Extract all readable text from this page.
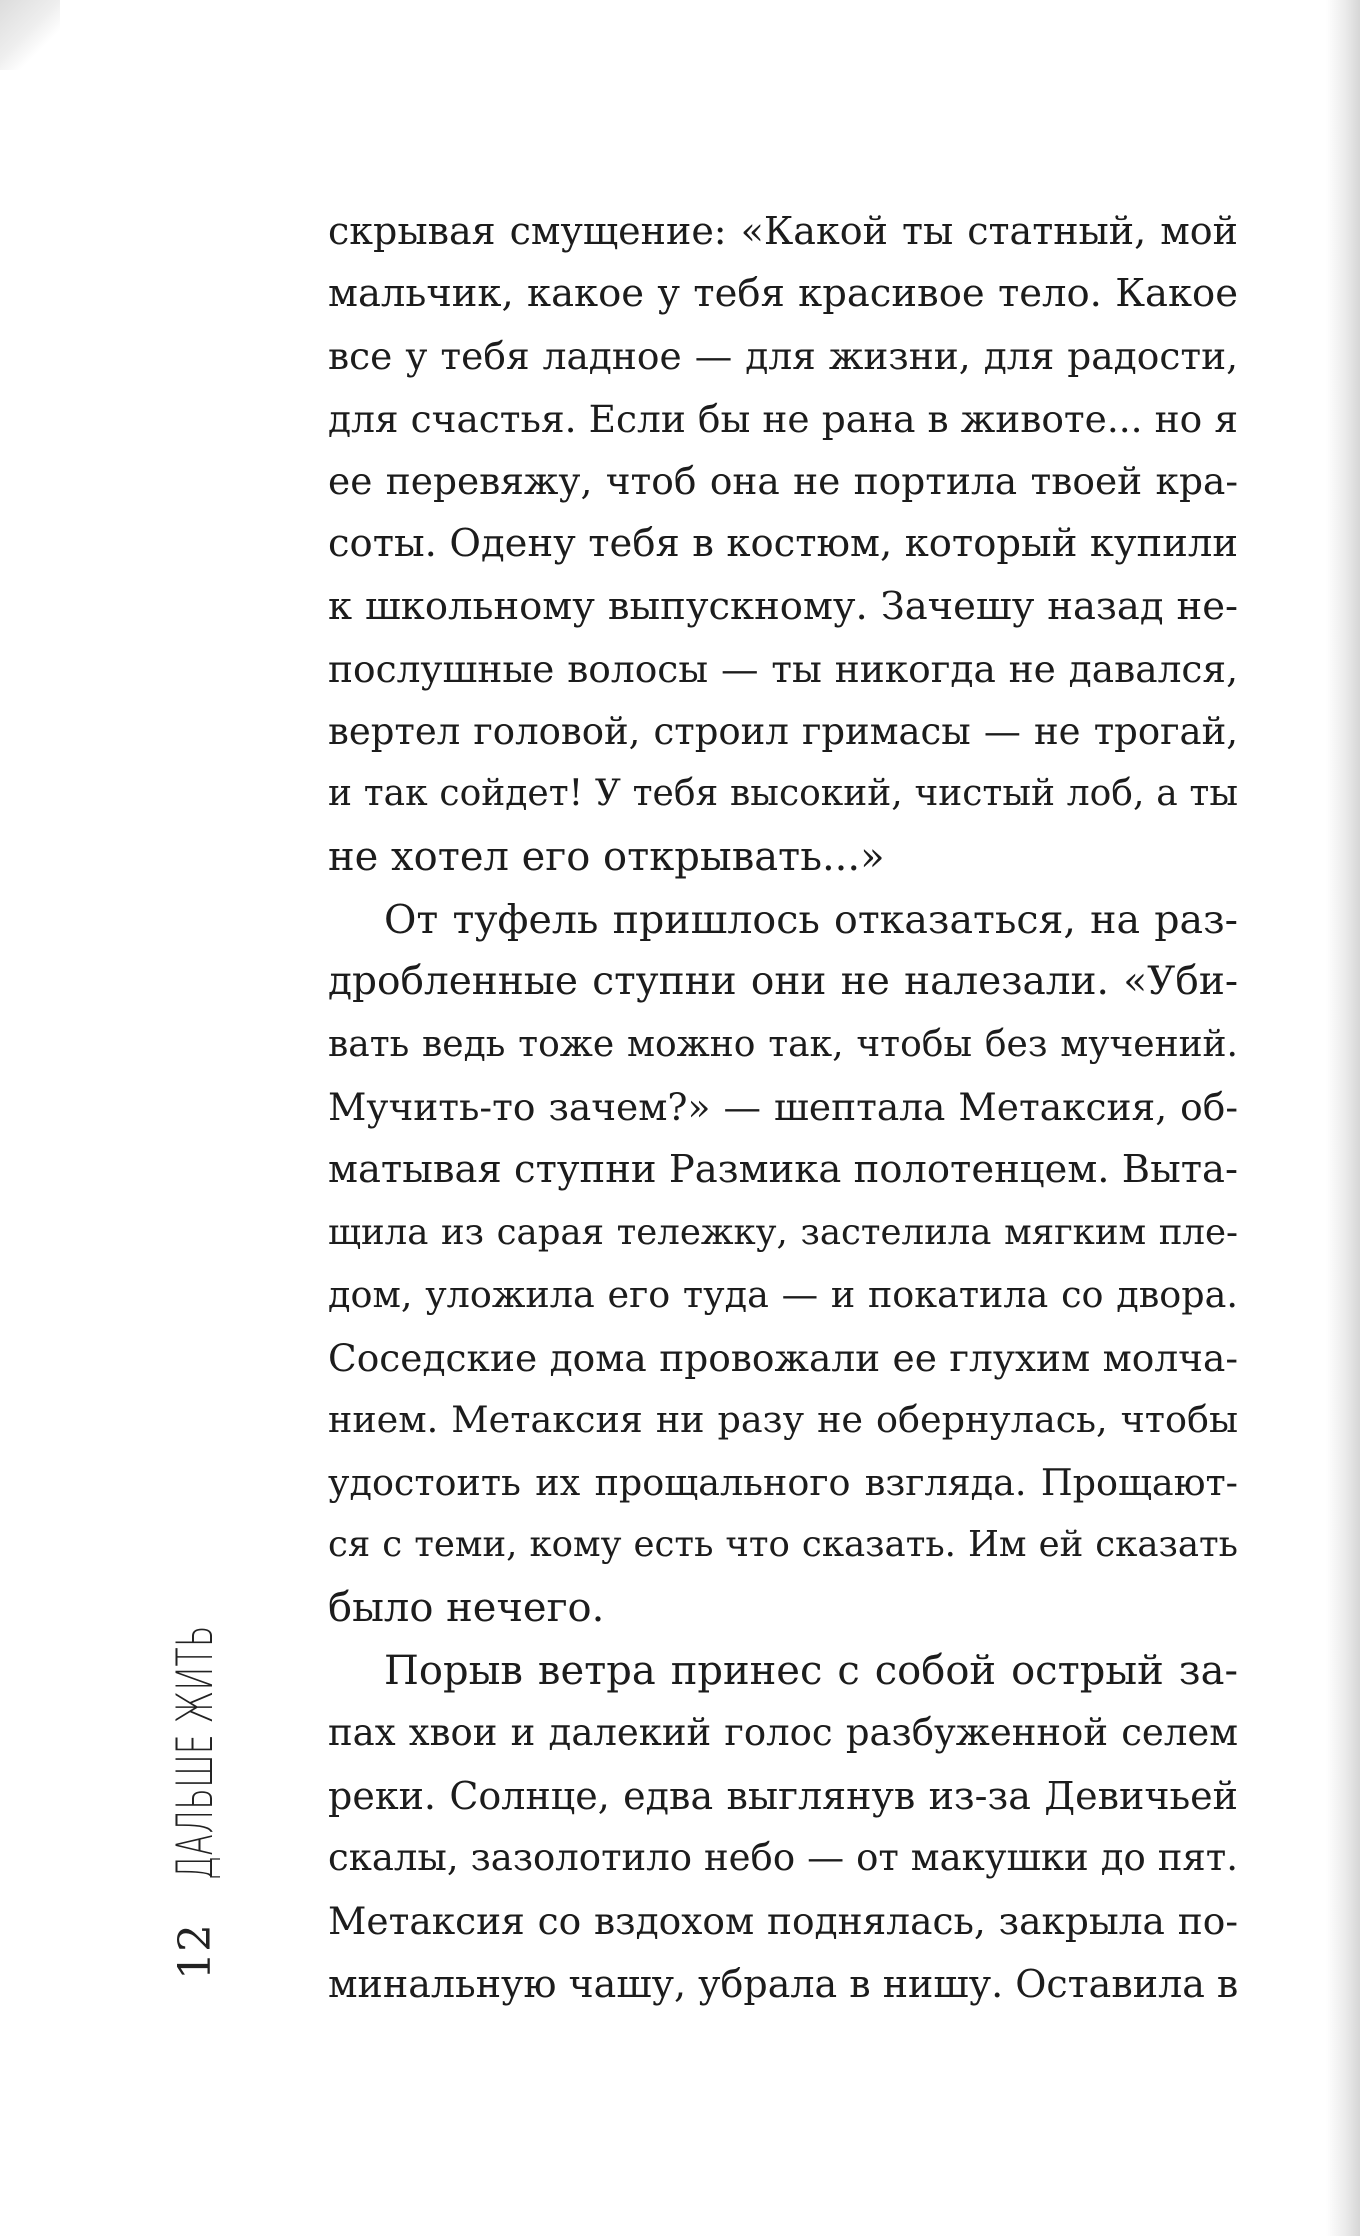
скрывая смущение: «Какой ты статный, мой

мальчик, какое у тебя красивое тело. Какое

все у тебя ладное — для жизни, для радости,

для счастья. Если бы не рана в животе... но я

ее перевяжу, чтоб она не портила твоей кра-

соты. Одену тебя в костюм, который купили

к школьному выпускному. Зачешу назад не-

послушные волосы — ты никогда не давался,

вертел головой, строил гримасы — не трогай,

и так сойдет! У тебя высокий, чистый лоб, а ты

не хотел его открывать...»

От туфель пришлось отказаться, на раз-

дробленные ступни они не налезали. «Уби-

вать ведь тоже можно так, чтобы без мучений.

Мучить-то зачем?» — шептала Метаксия, об-

матывая ступни Размика полотенцем. Выта-

щила из сарая тележку, застелила мягким пле-

дом, уложила его туда — и покатила со двора.

Соседские дома провожали ее глухим молча-

нием. Метаксия ни разу не обернулась, чтобы

удостоить их прощального взгляда. Прощают-

ся с теми, кому есть что сказать. Им ей сказать

было нечего.

Порыв ветра принес с собой острый за-

пах хвои и далекий голос разбуженной селем

реки. Солнце, едва выглянув из-за Девичьей

скалы, зазолотило небо — от макушки до пят.

Метаксия со вздохом поднялась, закрыла по-

минальную чашу, убрала в нишу. Оставила в

12
ДАЛЬШЕ ЖИТЬ
